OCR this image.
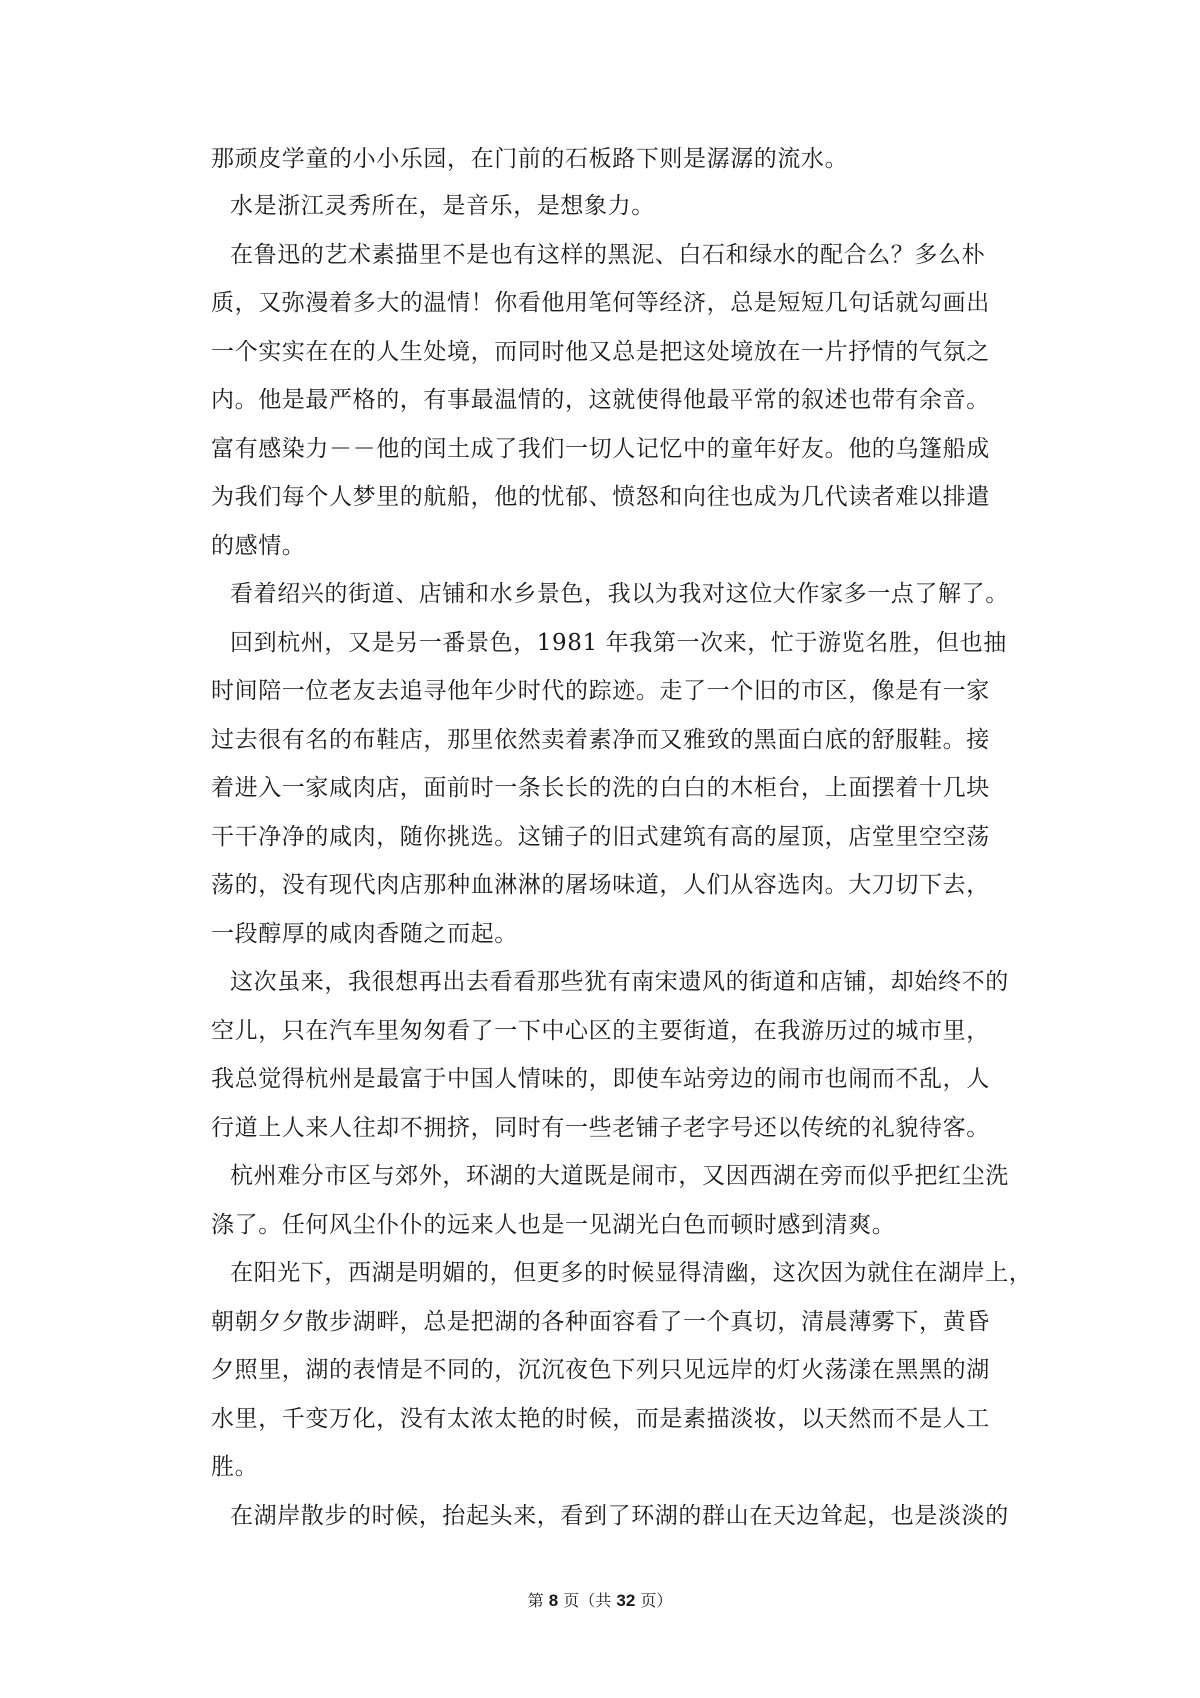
那顽皮学童的小小乐园，在门前的石板路下则是潺潺的流水。
水是浙江灵秀所在，是音乐，是想象力。
在鲁迅的艺术素描里不是也有这样的黑泥、白石和绿水的配合么？多么朴
质，又弥漫着多大的温情！你看他用笔何等经济，总是短短几句话就勾画出
一个实实在在的人生处境，而同时他又总是把这处境放在一片抒情的气氛之
内。他是最严格的，有事最温情的，这就使得他最平常的叙述也带有余音。
富有感染力－－他的闰土成了我们一切人记忆中的童年好友。他的乌篷船成
为我们每个人梦里的航船，他的忧郁、愤怒和向往也成为几代读者难以排遣
的感情。
看着绍兴的街道、店铺和水乡景色，我以为我对这位大作家多一点了解了。
回到杭州，又是另一番景色，1981 年我第一次来，忙于游览名胜，但也抽
时间陪一位老友去追寻他年少时代的踪迹。走了一个旧的市区，像是有一家
过去很有名的布鞋店，那里依然卖着素净而又雅致的黑面白底的舒服鞋。接
着进入一家咸肉店，面前时一条长长的洗的白白的木柜台，上面摆着十几块
干干净净的咸肉，随你挑选。这铺子的旧式建筑有高的屋顶，店堂里空空荡
荡的，没有现代肉店那种血淋淋的屠场味道，人们从容选肉。大刀切下去，
一段醇厚的咸肉香随之而起。
这次虽来，我很想再出去看看那些犹有南宋遗风的街道和店铺，却始终不的
空儿，只在汽车里匆匆看了一下中心区的主要街道，在我游历过的城市里，
我总觉得杭州是最富于中国人情味的，即使车站旁边的闹市也闹而不乱，人
行道上人来人往却不拥挤，同时有一些老铺子老字号还以传统的礼貌待客。
杭州难分市区与郊外，环湖的大道既是闹市，又因西湖在旁而似乎把红尘洗
涤了。任何风尘仆仆的远来人也是一见湖光白色而顿时感到清爽。
在阳光下，西湖是明媚的，但更多的时候显得清幽，这次因为就住在湖岸上，
朝朝夕夕散步湖畔，总是把湖的各种面容看了一个真切，清晨薄雾下，黄昏
夕照里，湖的表情是不同的，沉沉夜色下列只见远岸的灯火荡漾在黑黑的湖
水里，千变万化，没有太浓太艳的时候，而是素描淡妆，以天然而不是人工
胜。
在湖岸散步的时候，抬起头来，看到了环湖的群山在天边耸起，也是淡淡的
第 8 页（共 32 页）
